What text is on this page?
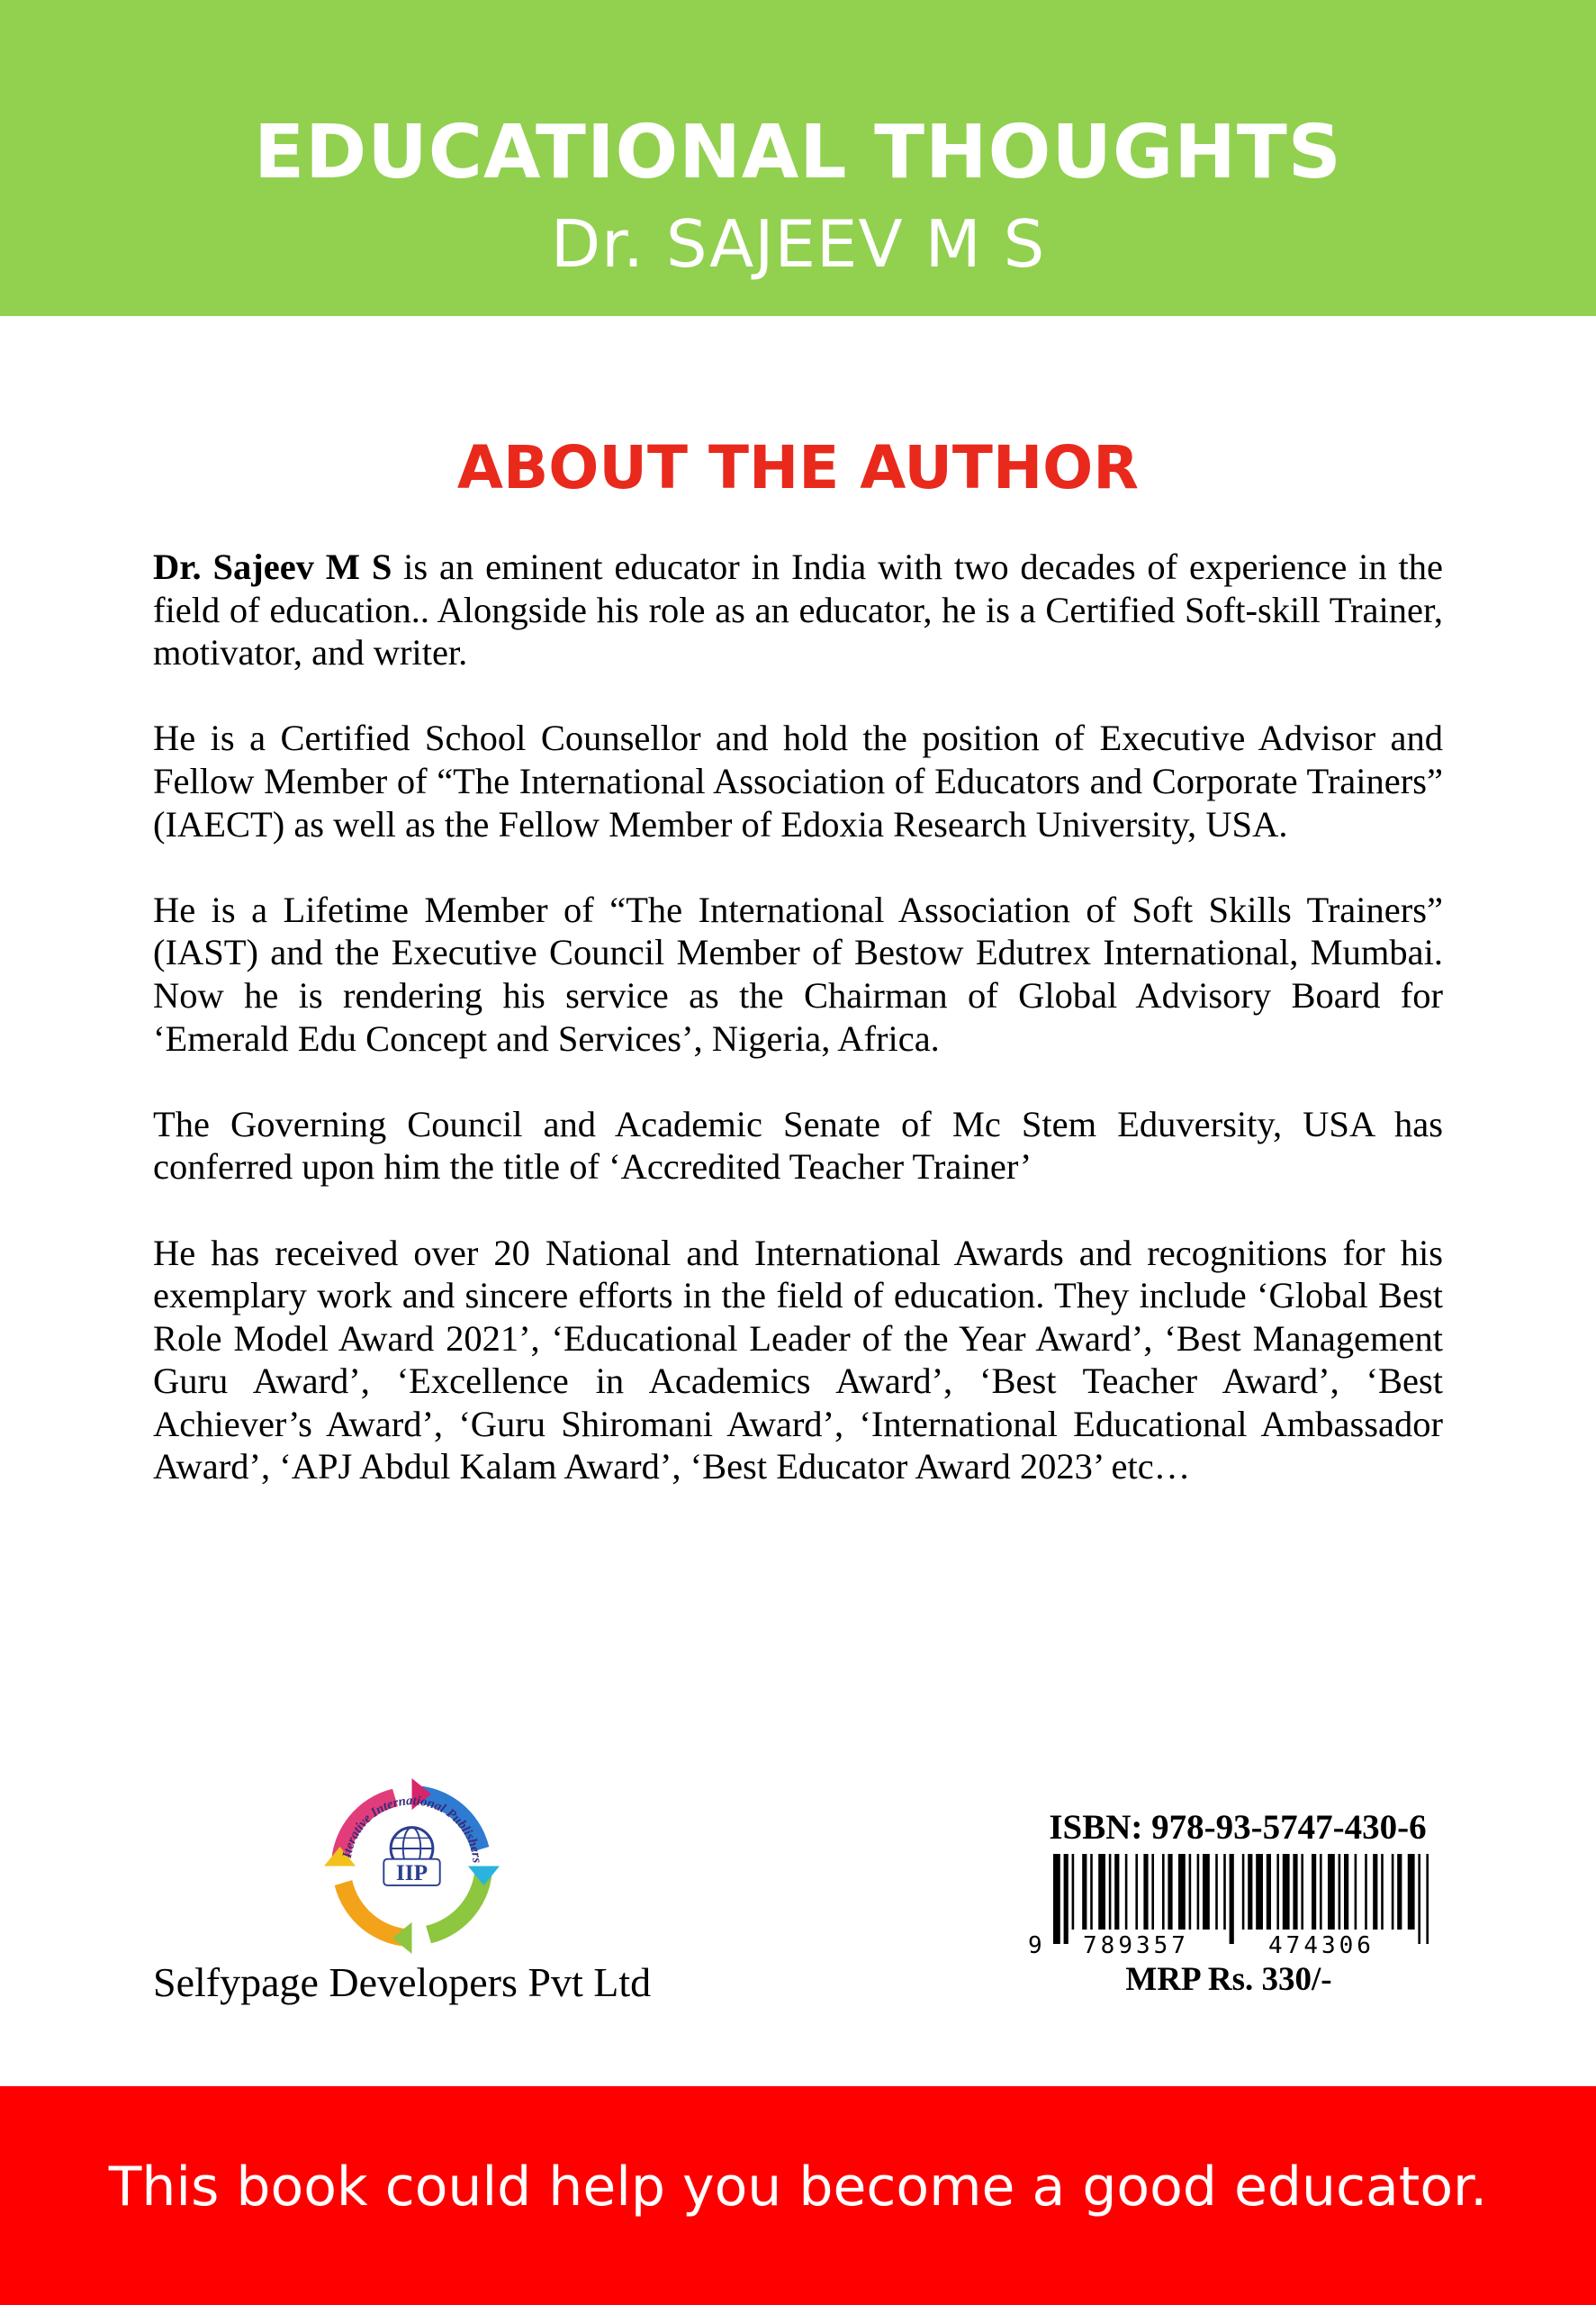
EDUCATIONAL THOUGHTS
Dr. SAJEEV M S
ABOUT THE AUTHOR

Dr. Sajeev M S is an eminent educator in India with two decades of experience in the field of education.. Alongside his role as an educator, he is a Certified Soft-skill Trainer, motivator, and writer.

He is a Certified School Counsellor and hold the position of Executive Advisor and Fellow Member of “The International Association of Educators and Corporate Trainers” (IAECT) as well as the Fellow Member of Edoxia Research University, USA.

He is a Lifetime Member of “The International Association of Soft Skills Trainers” (IAST) and the Executive Council Member of Bestow Edutrex International, Mumbai. Now he is rendering his service as the Chairman of Global Advisory Board for ‘Emerald Edu Concept and Services’, Nigeria, Africa.

The Governing Council and Academic Senate of Mc Stem Eduversity, USA has conferred upon him the title of ‘Accredited Teacher Trainer’

He has received over 20 National and International Awards and recognitions for his exemplary work and sincere efforts in the field of education. They include ‘Global Best Role Model Award 2021’, ‘Educational Leader of the Year Award’, ‘Best Management Guru Award’, ‘Excellence in Academics Award’, ‘Best Teacher Award’, ‘Best Achiever’s Award’, ‘Guru Shiromani Award’, ‘International Educational Ambassador Award’, ‘APJ Abdul Kalam Award’, ‘Best Educator Award 2023’ etc…

Iterative International Publishers
IIP
Selfypage Developers Pvt Ltd
ISBN: 978-93-5747-430-6
9 789357	474306
MRP Rs. 330/-
This book could help you become a good educator.
